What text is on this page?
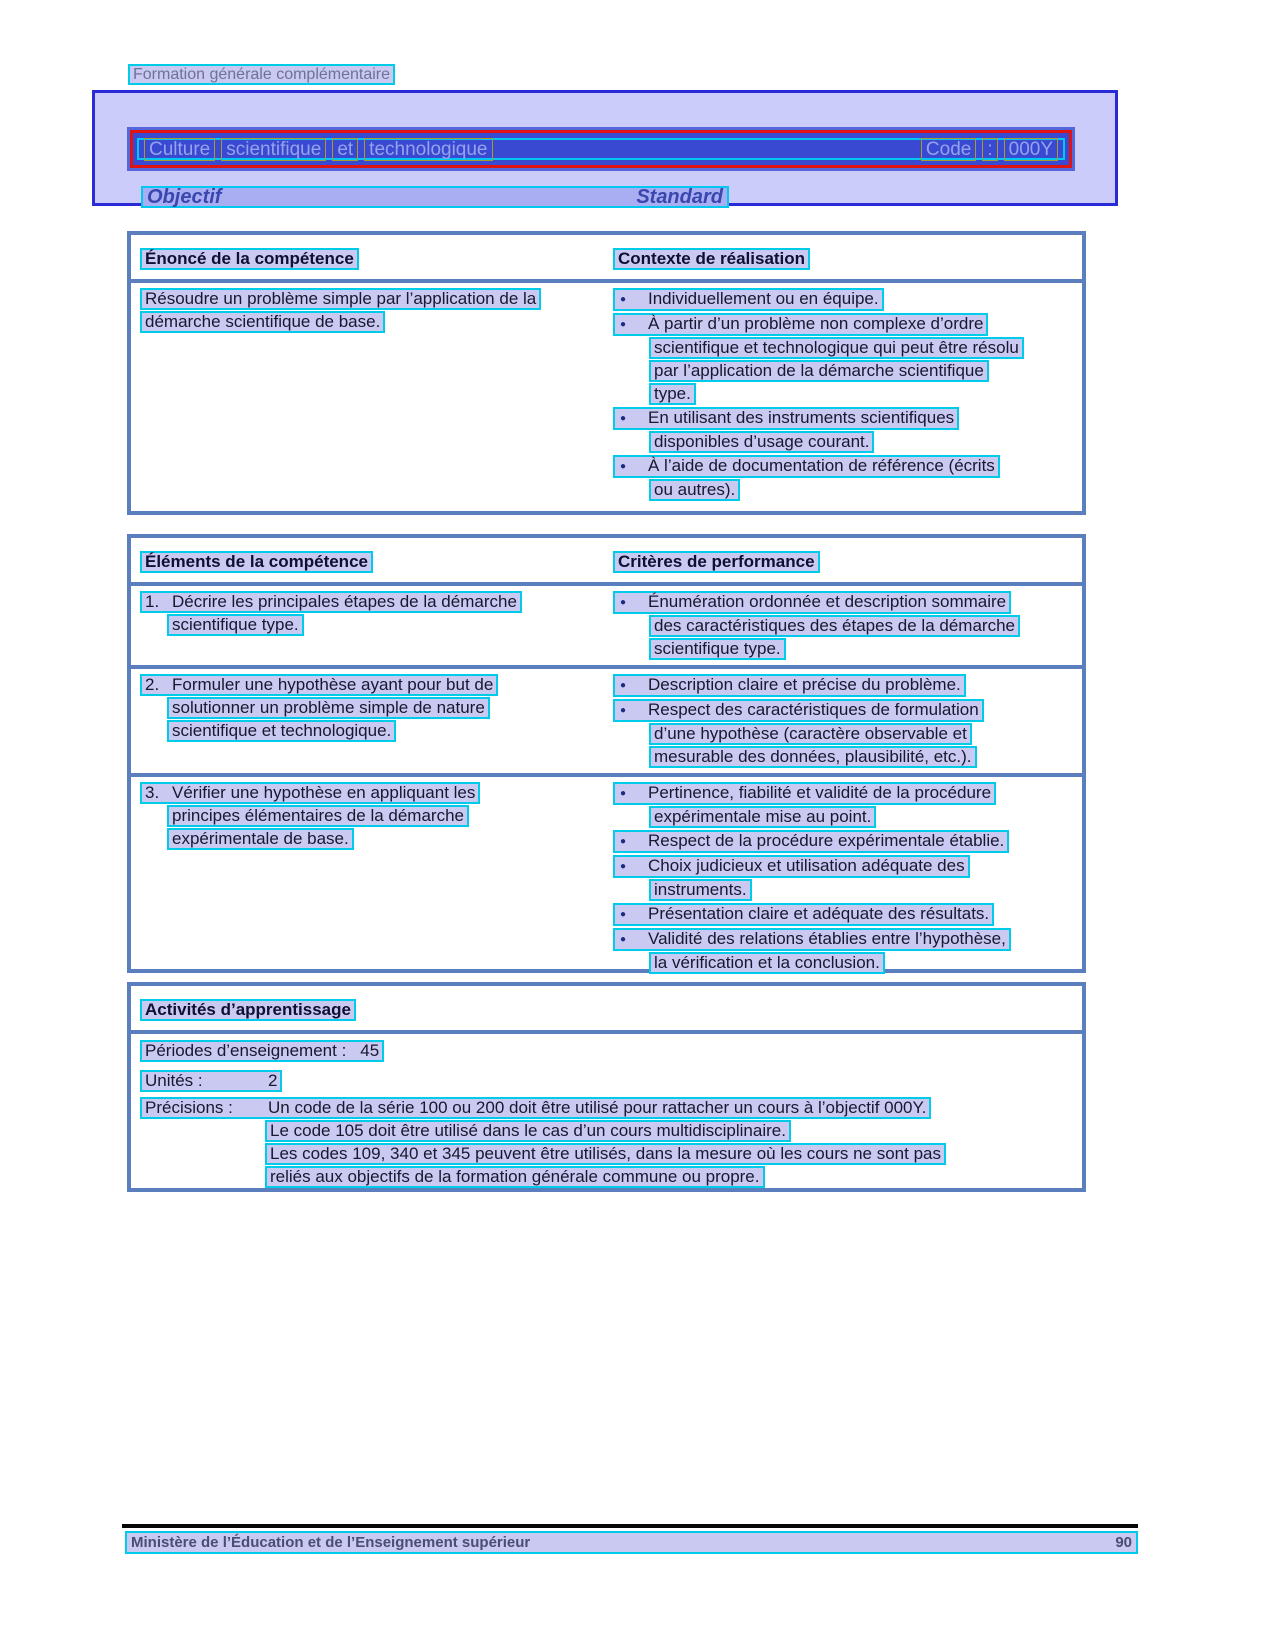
Formation générale complémentaire
Culture scientifique et technologique	Code : 000Y
Objectif	Standard
Énoncé de la compétence	Contexte de réalisation
Résoudre un problème simple par l’application de la
démarche scientifique de base.
● Individuellement ou en équipe.
● À partir d’un problème non complexe d’ordre
scientifique et technologique qui peut être résolu
par l’application de la démarche scientifique
type.
● En utilisant des instruments scientifiques
disponibles d’usage courant.
● À l’aide de documentation de référence (écrits
ou autres).
Éléments de la compétence	Critères de performance
1. Décrire les principales étapes de la démarche
scientifique type.
● Énumération ordonnée et description sommaire
des caractéristiques des étapes de la démarche
scientifique type.
2. Formuler une hypothèse ayant pour but de
solutionner un problème simple de nature
scientifique et technologique.
● Description claire et précise du problème.
● Respect des caractéristiques de formulation
d’une hypothèse (caractère observable et
mesurable des données, plausibilité, etc.).
3. Vérifier une hypothèse en appliquant les
principes élémentaires de la démarche
expérimentale de base.
● Pertinence, fiabilité et validité de la procédure
expérimentale mise au point.
● Respect de la procédure expérimentale établie.
● Choix judicieux et utilisation adéquate des
instruments.
● Présentation claire et adéquate des résultats.
● Validité des relations établies entre l’hypothèse,
la vérification et la conclusion.
Activités d’apprentissage
Périodes d’enseignement : 45
Unités :	2
Précisions : Un code de la série 100 ou 200 doit être utilisé pour rattacher un cours à l’objectif 000Y.
Le code 105 doit être utilisé dans le cas d’un cours multidisciplinaire.
Les codes 109, 340 et 345 peuvent être utilisés, dans la mesure où les cours ne sont pas
reliés aux objectifs de la formation générale commune ou propre.
Ministère de l’Éducation et de l’Enseignement supérieur	90
